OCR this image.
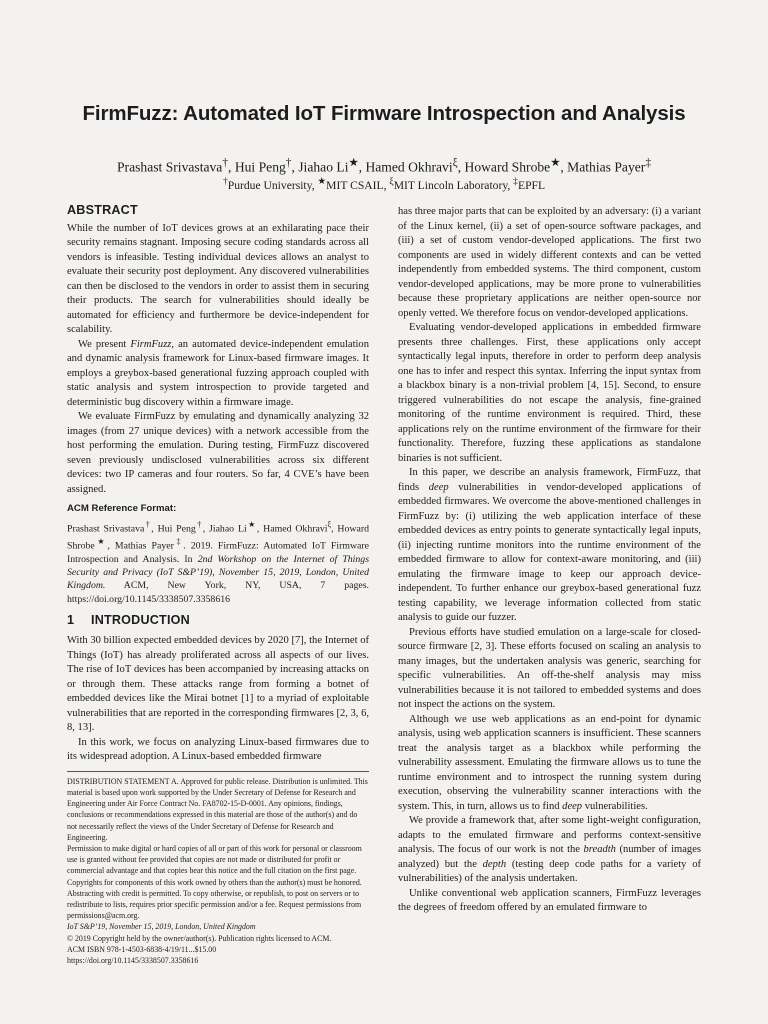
FirmFuzz: Automated IoT Firmware Introspection and Analysis
Prashast Srivastava†, Hui Peng†, Jiahao Li★, Hamed Okhravi$^\xi$, Howard Shrobe★, Mathias Payer‡
†Purdue University, ★MIT CSAIL, $^\xi$MIT Lincoln Laboratory, ‡EPFL
ABSTRACT

While the number of IoT devices grows at an exhilarating pace their security remains stagnant. Imposing secure coding standards across all vendors is infeasible. Testing individual devices allows an analyst to evaluate their security post deployment. Any discovered vulnerabilities can then be disclosed to the vendors in order to assist them in securing their products. The search for vulnerabilities should ideally be automated for efficiency and furthermore be device-independent for scalability.

We present FirmFuzz, an automated device-independent emulation and dynamic analysis framework for Linux-based firmware images. It employs a greybox-based generational fuzzing approach coupled with static analysis and system introspection to provide targeted and deterministic bug discovery within a firmware image.

We evaluate FirmFuzz by emulating and dynamically analyzing 32 images (from 27 unique devices) with a network accessible from the host performing the emulation. During testing, FirmFuzz discovered seven previously undisclosed vulnerabilities across six different devices: two IP cameras and four routers. So far, 4 CVE’s have been assigned.

ACM Reference Format:
Prashast Srivastava†, Hui Peng†, Jiahao Li★, Hamed Okhravi$^\xi$, Howard Shrobe★, Mathias Payer‡. 2019. FirmFuzz: Automated IoT Firmware Introspection and Analysis. In 2nd Workshop on the Internet of Things Security and Privacy (IoT S&P’19), November 15, 2019, London, United Kingdom. ACM, New York, NY, USA, 7 pages. https://doi.org/10.1145/3338507.3358616
1 INTRODUCTION

With 30 billion expected embedded devices by 2020 [7], the Internet of Things (IoT) has already proliferated across all aspects of our lives. The rise of IoT devices has been accompanied by increasing attacks on or through them. These attacks range from forming a botnet of embedded devices like the Mirai botnet [1] to a myriad of exploitable vulnerabilities that are reported in the corresponding firmwares [2, 3, 6, 8, 13].

In this work, we focus on analyzing Linux-based firmwares due to its widespread adoption. A Linux-based embedded firmware

DISTRIBUTION STATEMENT A. Approved for public release. Distribution is unlimited. This material is based upon work supported by the Under Secretary of Defense for Research and Engineering under Air Force Contract No. FA8702-15-D-0001. Any opinions, findings, conclusions or recommendations expressed in this material are those of the author(s) and do not necessarily reflect the views of the Under Secretary of Defense for Research and Engineering.

Permission to make digital or hard copies of all or part of this work for personal or classroom use is granted without fee provided that copies are not made or distributed for profit or commercial advantage and that copies bear this notice and the full citation on the first page. Copyrights for components of this work owned by others than the author(s) must be honored. Abstracting with credit is permitted. To copy otherwise, or republish, to post on servers or to redistribute to lists, requires prior specific permission and/or a fee. Request permissions from permissions@acm.org.

IoT S&P’19, November 15, 2019, London, United Kingdom

© 2019 Copyright held by the owner/author(s). Publication rights licensed to ACM.

ACM ISBN 978-1-4503-6838-4/19/11...$15.00

https://doi.org/10.1145/3338507.3358616

has three major parts that can be exploited by an adversary: (i) a variant of the Linux kernel, (ii) a set of open-source software packages, and (iii) a set of custom vendor-developed applications. The first two components are used in widely different contexts and can be vetted independently from embedded systems. The third component, custom vendor-developed applications, may be more prone to vulnerabilities because these proprietary applications are neither open-source nor openly vetted. We therefore focus on vendor-developed applications.

Evaluating vendor-developed applications in embedded firmware presents three challenges. First, these applications only accept syntactically legal inputs, therefore in order to perform deep analysis one has to infer and respect this syntax. Inferring the input syntax from a blackbox binary is a non-trivial problem [4, 15]. Second, to ensure triggered vulnerabilities do not escape the analysis, fine-grained monitoring of the runtime environment is required. Third, these applications rely on the runtime environment of the firmware for their functionality. Therefore, fuzzing these applications as standalone binaries is not sufficient.

In this paper, we describe an analysis framework, FirmFuzz, that finds deep vulnerabilities in vendor-developed applications of embedded firmwares. We overcome the above-mentioned challenges in FirmFuzz by: (i) utilizing the web application interface of these embedded devices as entry points to generate syntactically legal inputs, (ii) injecting runtime monitors into the runtime environment of the embedded firmware to allow for context-aware monitoring, and (iii) emulating the firmware image to keep our approach device-independent. To further enhance our greybox-based generational fuzz testing capability, we leverage information collected from static analysis to guide our fuzzer.

Previous efforts have studied emulation on a large-scale for closed-source firmware [2, 3]. These efforts focused on scaling an analysis to many images, but the undertaken analysis was generic, searching for specific vulnerabilities. An off-the-shelf analysis may miss vulnerabilities because it is not tailored to embedded systems and does not inspect the actions on the system.

Although we use web applications as an end-point for dynamic analysis, using web application scanners is insufficient. These scanners treat the analysis target as a blackbox while performing the vulnerability assessment. Emulating the firmware allows us to tune the runtime environment and to introspect the running system during execution, observing the vulnerability scanner interactions with the system. This, in turn, allows us to find deep vulnerabilities.

We provide a framework that, after some light-weight configuration, adapts to the emulated firmware and performs context-sensitive analysis. The focus of our work is not the breadth (number of images analyzed) but the depth (testing deep code paths for a variety of vulnerabilities) of the analysis undertaken.

Unlike conventional web application scanners, FirmFuzz leverages the degrees of freedom offered by an emulated firmware to
